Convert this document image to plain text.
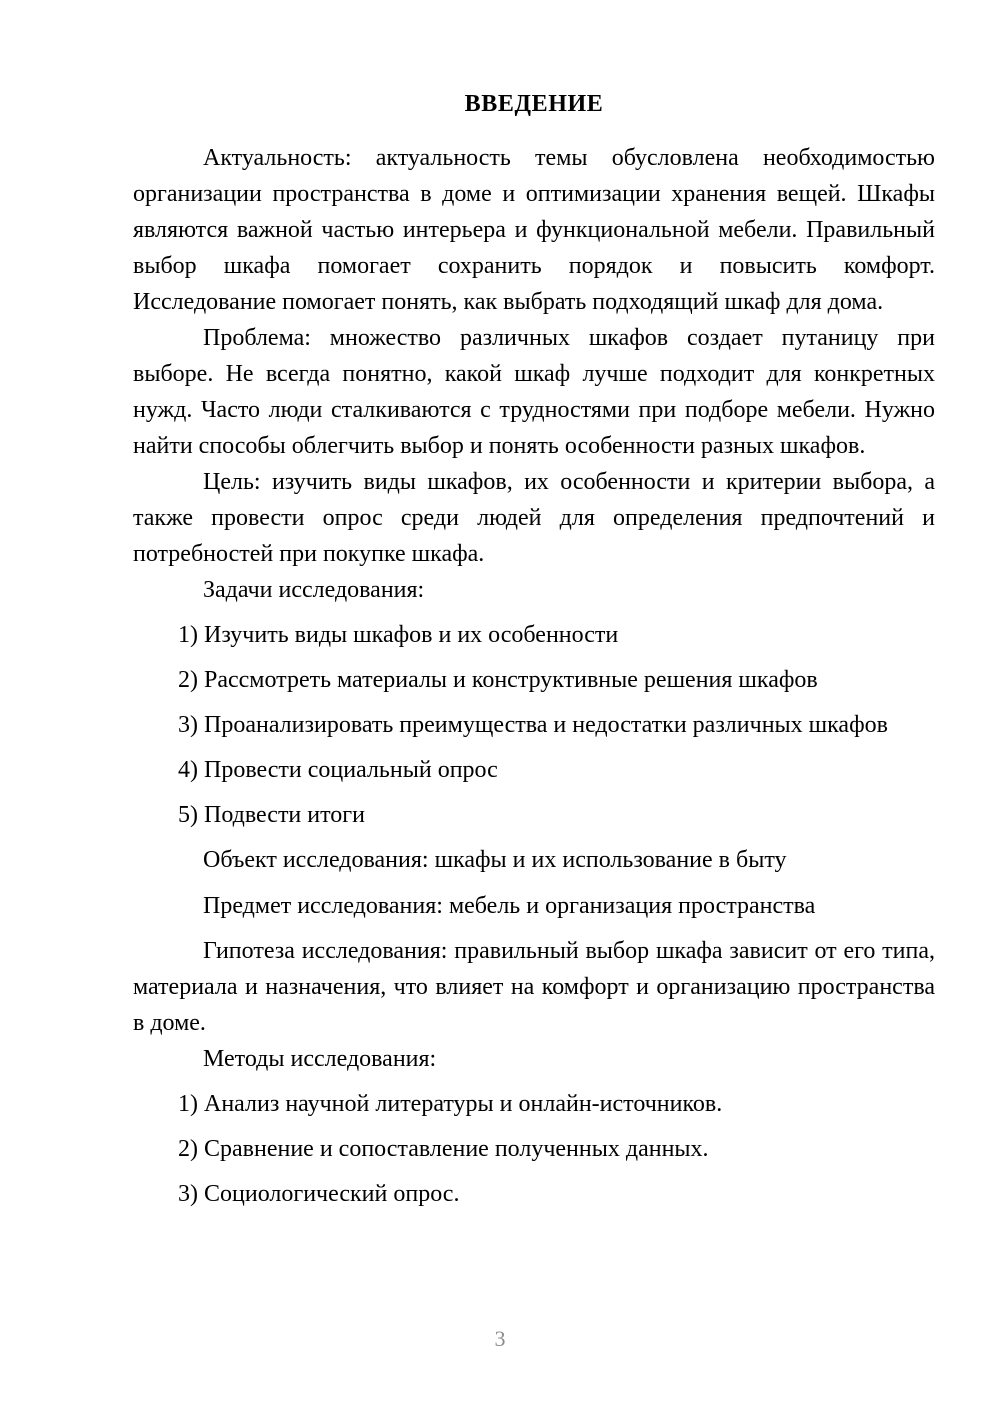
ВВЕДЕНИЕ

Актуальность: актуальность темы обусловлена необходимостью организации пространства в доме и оптимизации хранения вещей. Шкафы являются важной частью интерьера и функциональной мебели. Правильный выбор шкафа помогает сохранить порядок и повысить комфорт. Исследование помогает понять, как выбрать подходящий шкаф для дома.

Проблема: множество различных шкафов создает путаницу при выборе. Не всегда понятно, какой шкаф лучше подходит для конкретных нужд. Часто люди сталкиваются с трудностями при подборе мебели. Нужно найти способы облегчить выбор и понять особенности разных шкафов.

Цель: изучить виды шкафов, их особенности и критерии выбора, а также провести опрос среди людей для определения предпочтений и потребностей при покупке шкафа.

Задачи исследования:

1) Изучить виды шкафов и их особенности
2) Рассмотреть материалы и конструктивные решения шкафов
3) Проанализировать преимущества и недостатки различных шкафов
4) Провести социальный опрос
5) Подвести итоги

Объект исследования: шкафы и их использование в быту

Предмет исследования: мебель и организация пространства

Гипотеза исследования: правильный выбор шкафа зависит от его типа, материала и назначения, что влияет на комфорт и организацию пространства в доме.

Методы исследования:

1) Анализ научной литературы и онлайн-источников.
2) Сравнение и сопоставление полученных данных.
3) Социологический опрос.
3
